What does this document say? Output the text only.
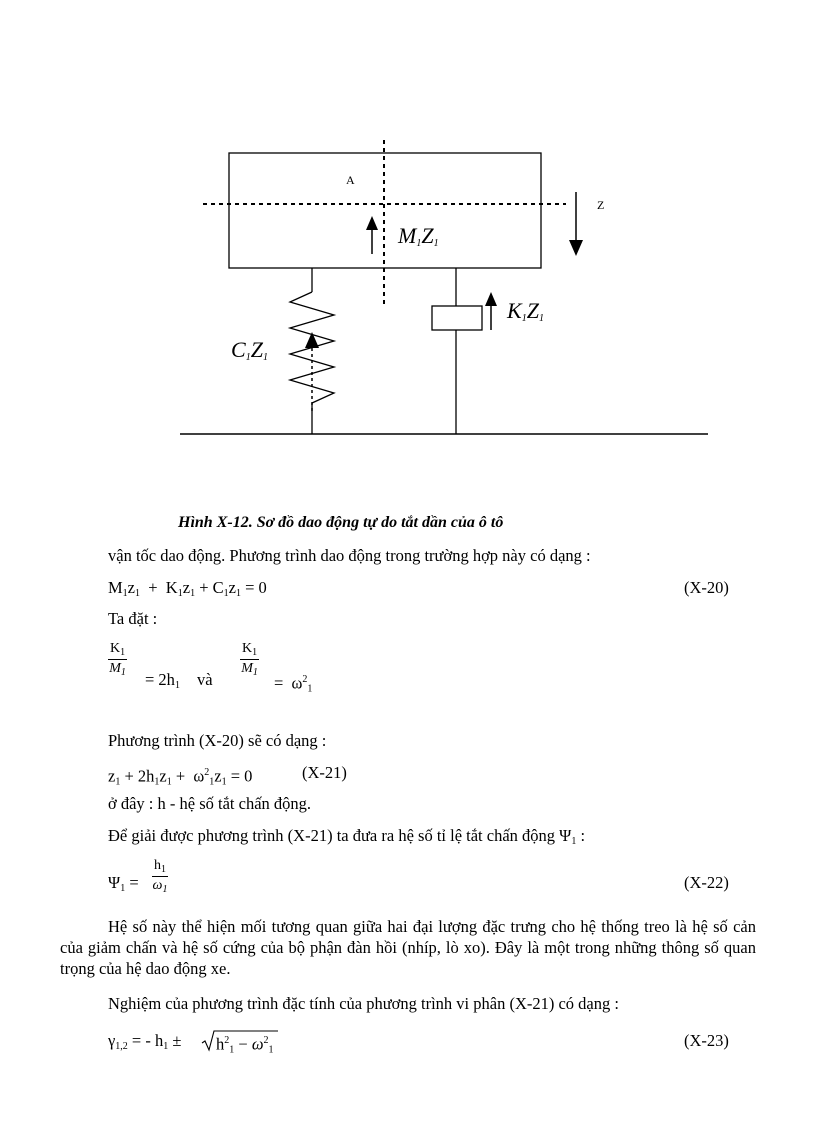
A
Z
$M_1Z_1$
$K_1Z_1$
$C_1Z_1$
Hình X-12. Sơ đồ dao động tự do tắt dần của ô tô
vận tốc dao động. Phương trình dao động trong trường hợp này có dạng :
$M_1z_1 + K_1z_1 + C_1z_1 = 0$	(X-20)
Ta đặt :
$\frac{K_1}{M_1}$
= $2h_1$ và
$\frac{K_1}{M_1}$
=  $\omega^2_1$
Phương trình (X-20) sẽ có dạng :
$z_1 + 2h_1z_1 + \omega^2_1z_1 = 0$	(X-21)
ở đây : h - hệ số tắt chấn động.
Để giải được phương trình (X-21) ta đưa ra hệ số tỉ lệ tắt chấn động $\Psi_1$ :
$\Psi_1 = \frac{h_1}{\omega_1}$	(X-22)
Hệ số này thể hiện mối tương quan giữa hai đại lượng đặc trưng cho hệ thống treo là hệ số cản của giảm chấn và hệ số cứng của bộ phận đàn hồi (nhíp, lò xo). Đây là một trong những thông số quan trọng của hệ dao động xe.
Nghiệm của phương trình đặc tính của phương trình vi phân (X-21) có dạng :
$\gamma_{1,2}$ = - $h_1 \pm h^2_1 - \omega^2_1$	(X-23)
